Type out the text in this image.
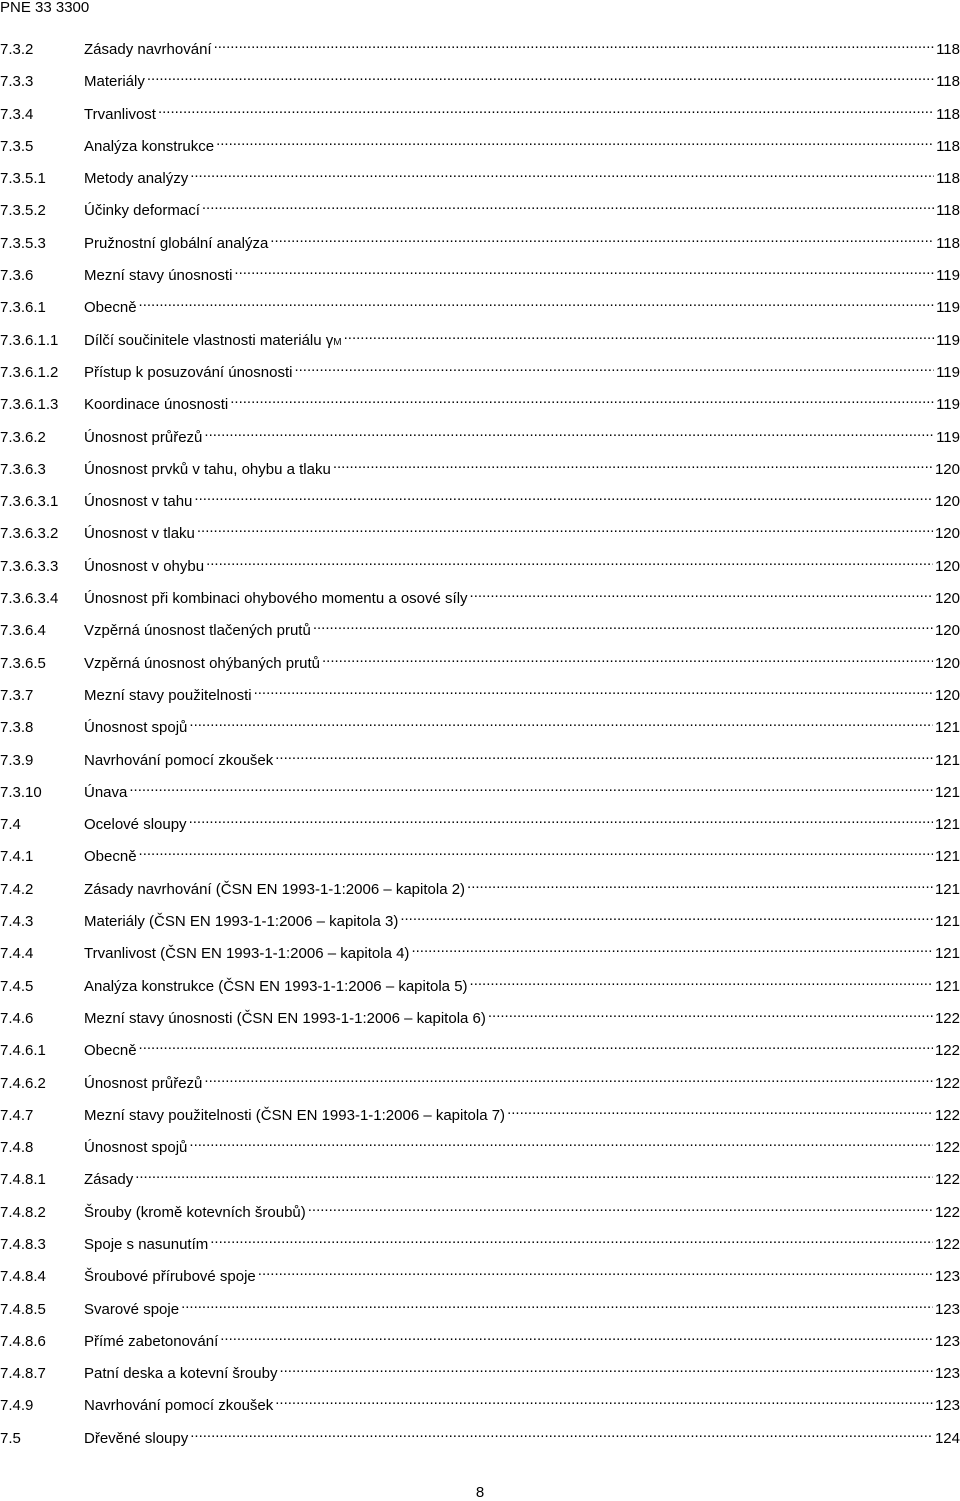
PNE 33 3300
7.3.2	Zásady navrhování .....	118
7.3.3	Materiály .....	118
7.3.4	Trvanlivost .....	118
7.3.5	Analýza konstrukce .....	118
7.3.5.1	Metody analýzy .....	118
7.3.5.2	Účinky deformací .....	118
7.3.5.3	Pružnostní globální analýza .....	118
7.3.6	Mezní stavy únosnosti .....	119
7.3.6.1	Obecně .....	119
7.3.6.1.1	Dílčí součinitele vlastnosti materiálu γM .....	119
7.3.6.1.2	Přístup k posuzování únosnosti .....	119
7.3.6.1.3	Koordinace únosnosti .....	119
7.3.6.2	Únosnost průřezů .....	119
7.3.6.3	Únosnost prvků v tahu, ohybu a tlaku .....	120
7.3.6.3.1	Únosnost v tahu .....	120
7.3.6.3.2	Únosnost v tlaku .....	120
7.3.6.3.3	Únosnost v ohybu .....	120
7.3.6.3.4	Únosnost při kombinaci ohybového momentu a osové síly .....	120
7.3.6.4	Vzpěrná únosnost tlačených prutů .....	120
7.3.6.5	Vzpěrná únosnost ohýbaných prutů .....	120
7.3.7	Mezní stavy použitelnosti .....	120
7.3.8	Únosnost spojů .....	121
7.3.9	Navrhování pomocí zkoušek .....	121
7.3.10	Únava .....	121
7.4	Ocelové sloupy .....	121
7.4.1	Obecně .....	121
7.4.2	Zásady navrhování (ČSN EN 1993-1-1:2006 – kapitola 2) .....	121
7.4.3	Materiály (ČSN EN 1993-1-1:2006 – kapitola 3) .....	121
7.4.4	Trvanlivost (ČSN EN 1993-1-1:2006 – kapitola 4) .....	121
7.4.5	Analýza konstrukce (ČSN EN 1993-1-1:2006 – kapitola 5) .....	121
7.4.6	Mezní stavy únosnosti (ČSN EN 1993-1-1:2006 – kapitola 6) .....	122
7.4.6.1	Obecně .....	122
7.4.6.2	Únosnost průřezů .....	122
7.4.7	Mezní stavy použitelnosti (ČSN EN 1993-1-1:2006 – kapitola 7) .....	122
7.4.8	Únosnost spojů .....	122
7.4.8.1	Zásady .....	122
7.4.8.2	Šrouby (kromě kotevních šroubů) .....	122
7.4.8.3	Spoje s nasunutím .....	122
7.4.8.4	Šroubové přírubové spoje .....	123
7.4.8.5	Svarové spoje .....	123
7.4.8.6	Přímé zabetonování .....	123
7.4.8.7	Patní deska a kotevní šrouby .....	123
7.4.9	Navrhování pomocí zkoušek .....	123
7.5	Dřevěné sloupy .....	124
8
